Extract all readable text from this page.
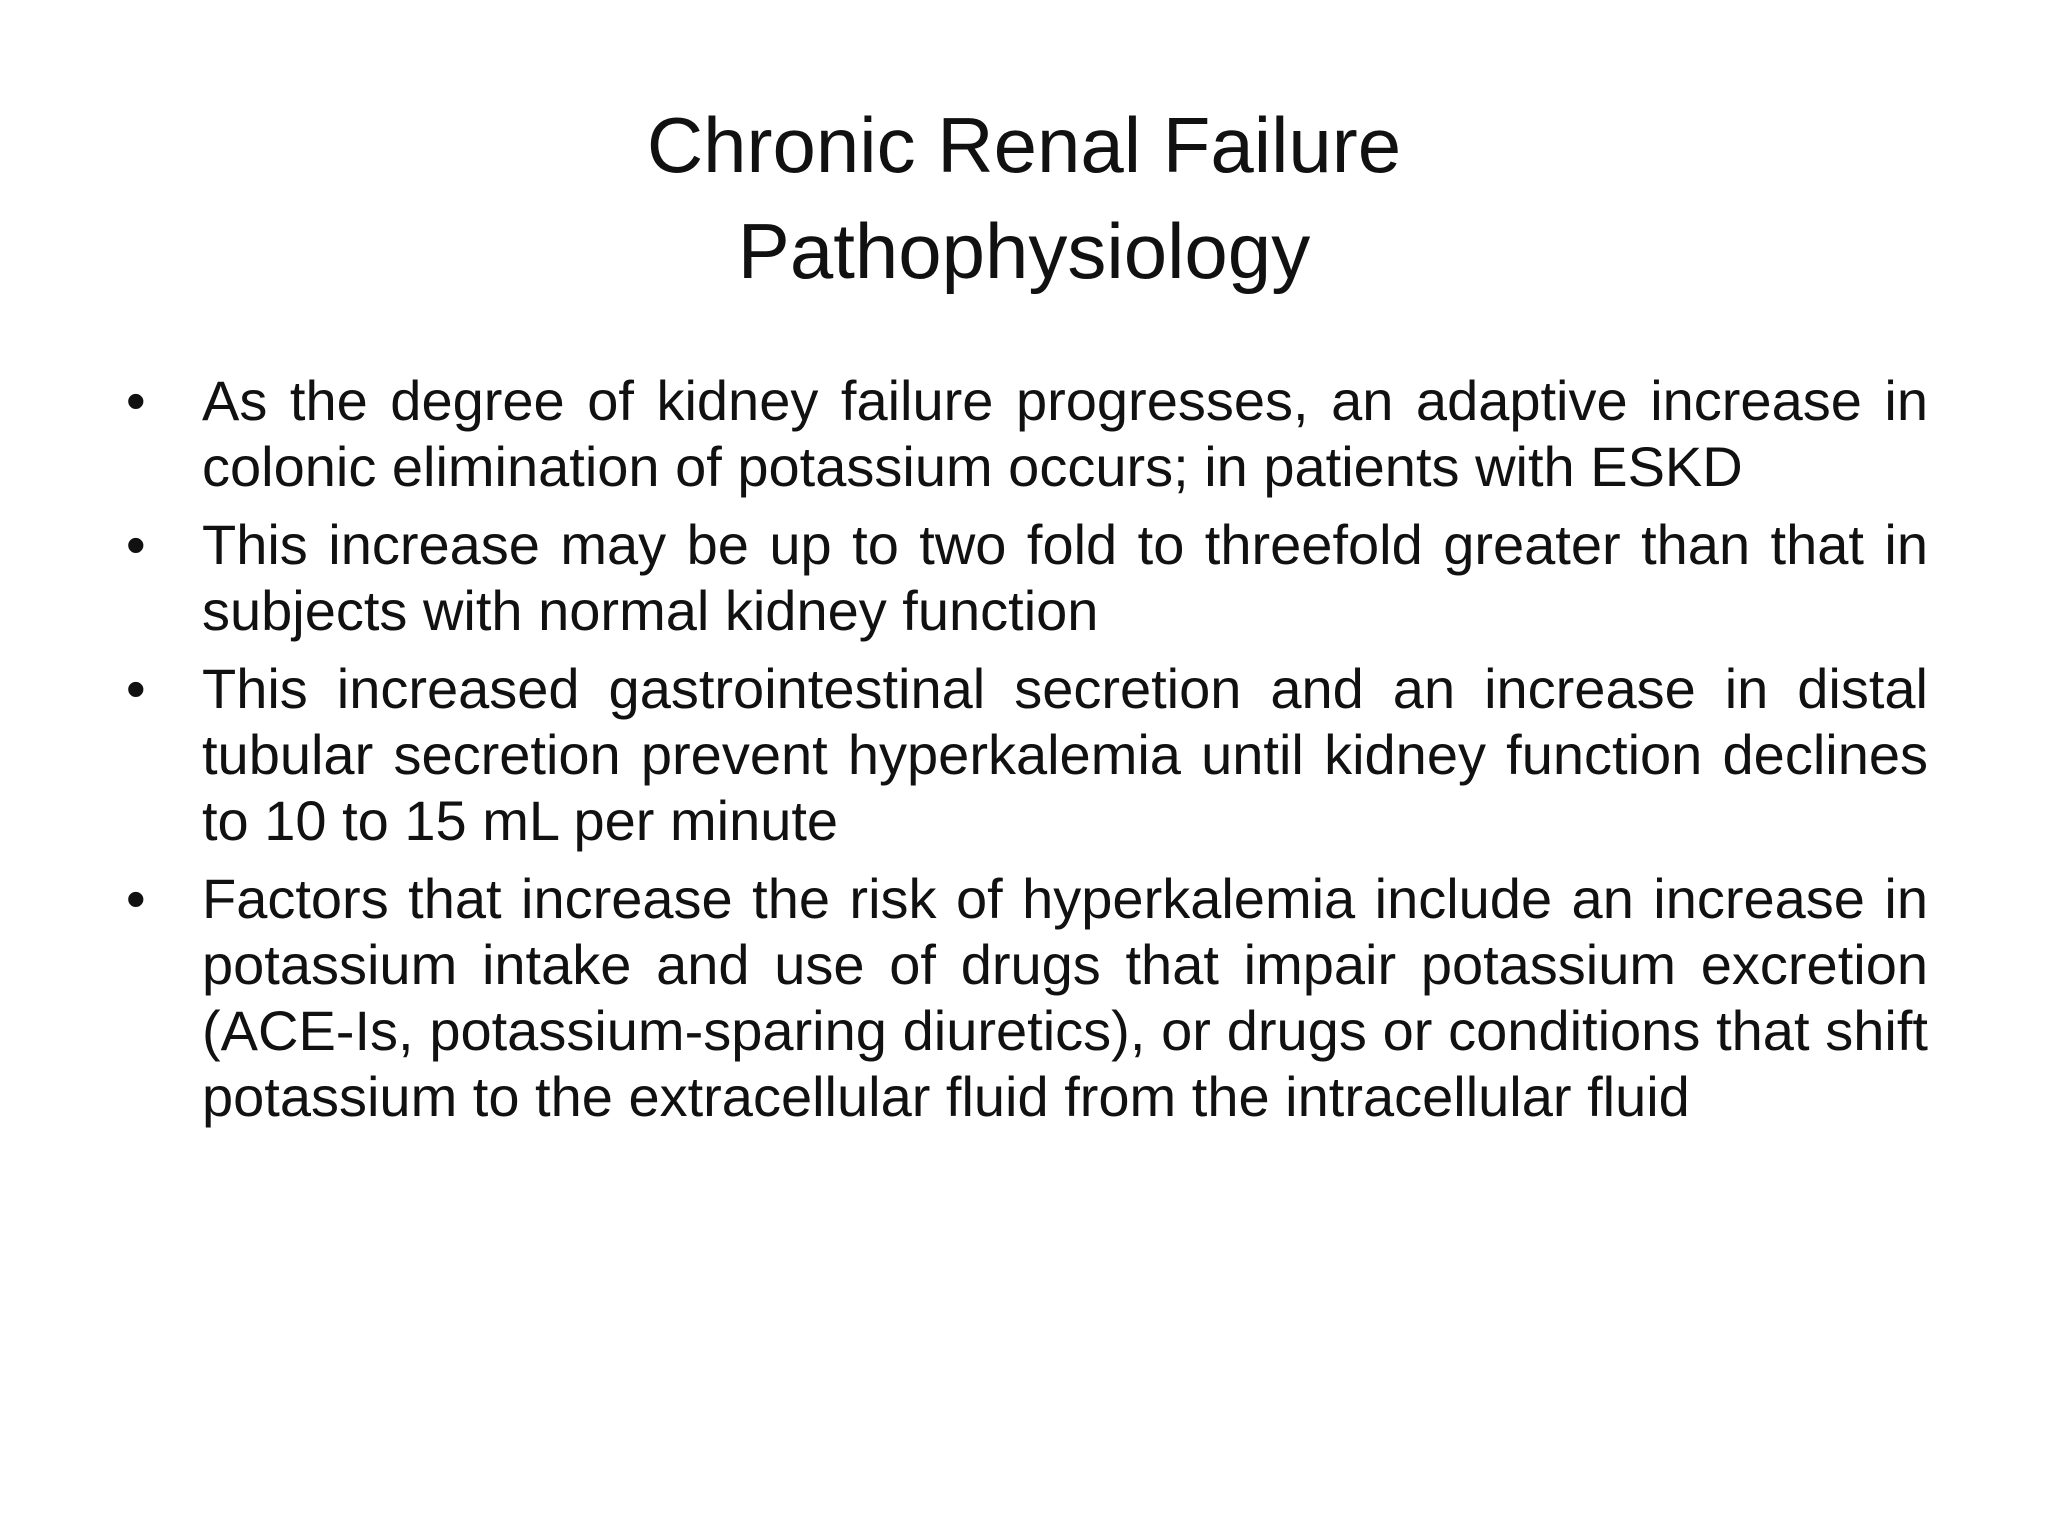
Chronic Renal Failure
Pathophysiology
• As the degree of kidney failure progresses, an adaptive increase in colonic elimination of potassium occurs; in patients with ESKD
• This increase may be up to two fold to threefold greater than that in subjects with normal kidney function
• This increased gastrointestinal secretion and an increase in distal tubular secretion prevent hyperkalemia until kidney function declines to 10 to 15 mL per minute
• Factors that increase the risk of hyperkalemia include an increase in potassium intake and use of drugs that impair potassium excretion (ACE-Is, potassium-sparing diuretics), or drugs or conditions that shift potassium to the extracellular fluid from the intracellular fluid
